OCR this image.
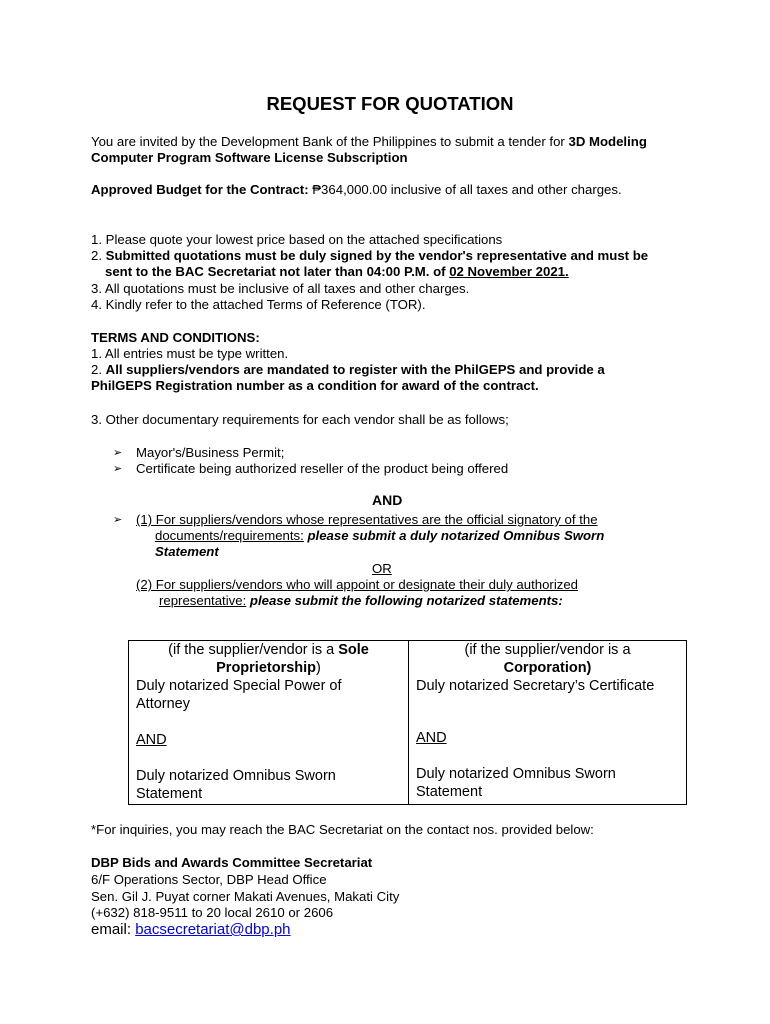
REQUEST FOR QUOTATION
You are invited by the Development Bank of the Philippines to submit a tender for 3D Modeling
Computer Program Software License Subscription
Approved Budget for the Contract: ₱364,000.00 inclusive of all taxes and other charges.
1. Please quote your lowest price based on the attached specifications
2. Submitted quotations must be duly signed by the vendor's representative and must be
sent to the BAC Secretariat not later than 04:00 P.M. of 02 November 2021.
3. All quotations must be inclusive of all taxes and other charges.
4. Kindly refer to the attached Terms of Reference (TOR).
TERMS AND CONDITIONS:
1. All entries must be type written.
2. All suppliers/vendors are mandated to register with the PhilGEPS and provide a
PhilGEPS Registration number as a condition for award of the contract.
3. Other documentary requirements for each vendor shall be as follows;
➢ Mayor's/Business Permit;
➢ Certificate being authorized reseller of the product being offered
AND
➢ (1) For suppliers/vendors whose representatives are the official signatory of the
documents/requirements: please submit a duly notarized Omnibus Sworn
Statement
OR
(2) For suppliers/vendors who will appoint or designate their duly authorized
representative: please submit the following notarized statements:
(if the supplier/vendor is a Sole
Proprietorship)
Duly notarized Special Power of
Attorney
AND
Duly notarized Omnibus Sworn
Statement	
(if the supplier/vendor is a
Corporation)
Duly notarized Secretary’s Certificate
AND
Duly notarized Omnibus Sworn
Statement
*For inquiries, you may reach the BAC Secretariat on the contact nos. provided below:
DBP Bids and Awards Committee Secretariat
6/F Operations Sector, DBP Head Office
Sen. Gil J. Puyat corner Makati Avenues, Makati City
(+632) 818-9511 to 20 local 2610 or 2606
email: bacsecretariat@dbp.ph
